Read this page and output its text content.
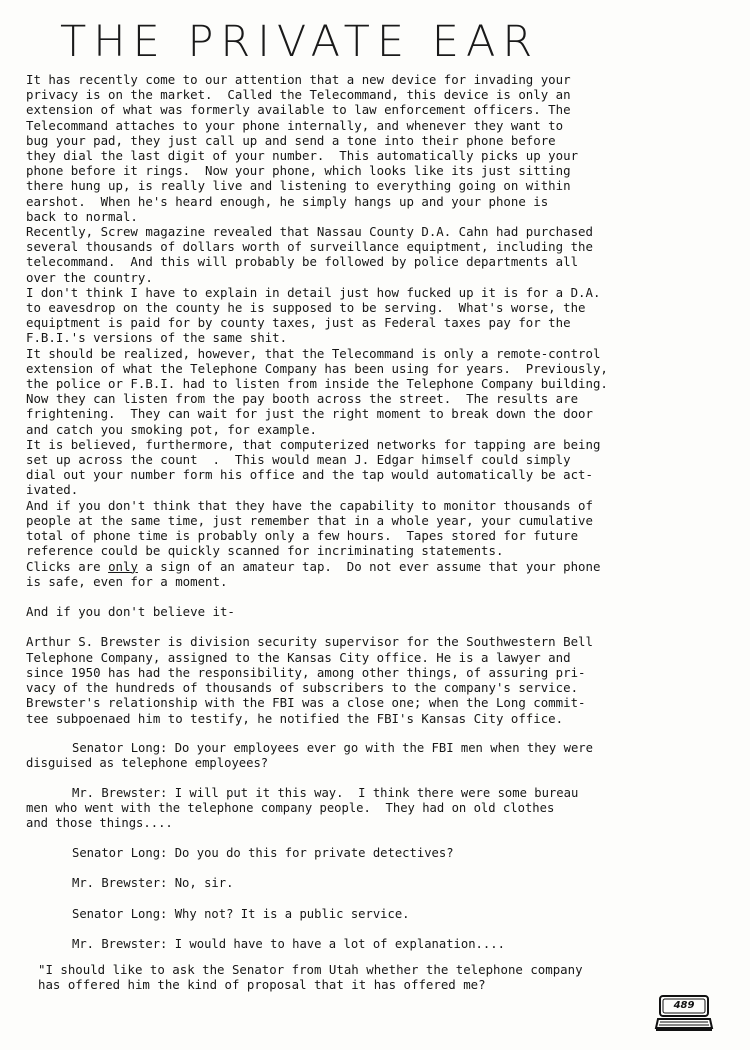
THE PRIVATE EAR

It has recently come to our attention that a new device for invading your
privacy is on the market.  Called the Telecommand, this device is only an
extension of what was formerly available to law enforcement officers. The
Telecommand attaches to your phone internally, and whenever they want to
bug your pad, they just call up and send a tone into their phone before
they dial the last digit of your number.  This automatically picks up your
phone before it rings.  Now your phone, which looks like its just sitting
there hung up, is really live and listening to everything going on within
earshot.  When he's heard enough, he simply hangs up and your phone is
back to normal.

Recently, Screw magazine revealed that Nassau County D.A. Cahn had purchased
several thousands of dollars worth of surveillance equiptment, including the
telecommand.  And this will probably be followed by police departments all
over the country.

I don't think I have to explain in detail just how fucked up it is for a D.A.
to eavesdrop on the county he is supposed to be serving.  What's worse, the
equiptment is paid for by county taxes, just as Federal taxes pay for the
F.B.I.'s versions of the same shit.

It should be realized, however, that the Telecommand is only a remote-control
extension of what the Telephone Company has been using for years.  Previously,
the police or F.B.I. had to listen from inside the Telephone Company building.
Now they can listen from the pay booth across the street.  The results are
frightening.  They can wait for just the right moment to break down the door
and catch you smoking pot, for example.

It is believed, furthermore, that computerized networks for tapping are being
set up across the count  .  This would mean J. Edgar himself could simply
dial out your number form his office and the tap would automatically be act-
ivated.

And if you don't think that they have the capability to monitor thousands of
people at the same time, just remember that in a whole year, your cumulative
total of phone time is probably only a few hours.  Tapes stored for future
reference could be quickly scanned for incriminating statements.

Clicks are only a sign of an amateur tap.  Do not ever assume that your phone
is safe, even for a moment.

And if you don't believe it-

Arthur S. Brewster is division security supervisor for the Southwestern Bell
Telephone Company, assigned to the Kansas City office. He is a lawyer and
since 1950 has had the responsibility, among other things, of assuring pri-
vacy of the hundreds of thousands of subscribers to the company's service.
Brewster's relationship with the FBI was a close one; when the Long commit-
tee subpoenaed him to testify, he notified the FBI's Kansas City office.

Senator Long: Do your employees ever go with the FBI men when they were
disguised as telephone employees?

Mr. Brewster: I will put it this way.  I think there were some bureau
men who went with the telephone company people.  They had on old clothes
and those things....

Senator Long: Do you do this for private detectives?

Mr. Brewster: No, sir.

Senator Long: Why not? It is a public service.

Mr. Brewster: I would have to have a lot of explanation....

"I should like to ask the Senator from Utah whether the telephone company
has offered him the kind of proposal that it has offered me?

489
